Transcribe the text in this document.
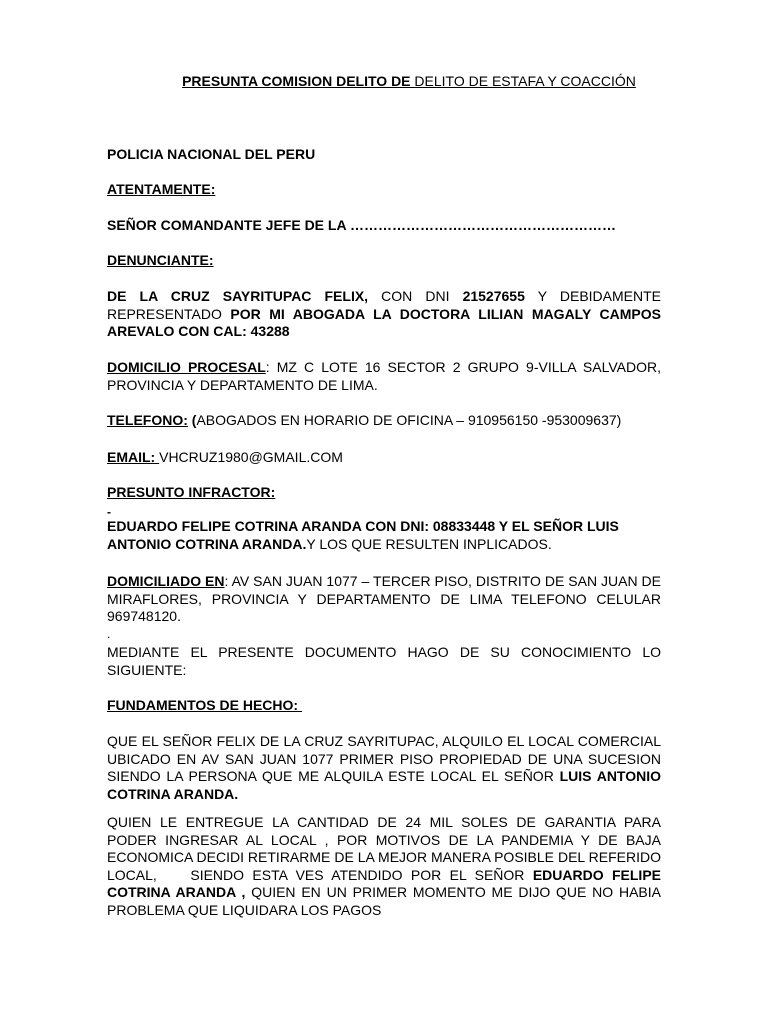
PRESUNTA COMISION DELITO DE DELITO DE ESTAFA Y COACCIÓN
POLICIA NACIONAL DEL PERU
ATENTAMENTE:
SEÑOR COMANDANTE JEFE DE LA …………………………………………………
DENUNCIANTE:
DE LA CRUZ SAYRITUPAC FELIX, CON DNI 21527655 Y DEBIDAMENTE REPRESENTADO POR MI ABOGADA LA DOCTORA LILIAN MAGALY CAMPOS AREVALO CON CAL: 43288
DOMICILIO PROCESAL: MZ C LOTE 16 SECTOR 2 GRUPO 9-VILLA SALVADOR, PROVINCIA Y DEPARTAMENTO DE LIMA.
TELEFONO: (ABOGADOS EN HORARIO DE OFICINA – 910956150 -953009637)
EMAIL: VHCRUZ1980@GMAIL.COM
PRESUNTO INFRACTOR:
-
EDUARDO FELIPE COTRINA ARANDA CON DNI: 08833448 Y EL SEÑOR LUIS ANTONIO COTRINA ARANDA.Y LOS QUE RESULTEN INPLICADOS.
DOMICILIADO EN: AV SAN JUAN 1077 – TERCER PISO, DISTRITO DE SAN JUAN DE MIRAFLORES, PROVINCIA Y DEPARTAMENTO DE LIMA TELEFONO CELULAR 969748120.
.
MEDIANTE EL PRESENTE DOCUMENTO HAGO DE SU CONOCIMIENTO LO SIGUIENTE:
FUNDAMENTOS DE HECHO:
QUE EL SEÑOR FELIX DE LA CRUZ SAYRITUPAC, ALQUILO EL LOCAL COMERCIAL UBICADO EN AV SAN JUAN 1077 PRIMER PISO PROPIEDAD DE UNA SUCESION SIENDO LA PERSONA QUE ME ALQUILA ESTE LOCAL EL SEÑOR LUIS ANTONIO COTRINA ARANDA.
QUIEN LE ENTREGUE LA CANTIDAD DE 24 MIL SOLES DE GARANTIA PARA PODER INGRESAR AL LOCAL , POR MOTIVOS DE LA PANDEMIA Y DE BAJA ECONOMICA DECIDI RETIRARME DE LA MEJOR MANERA POSIBLE DEL REFERIDO LOCAL,    SIENDO ESTA VES ATENDIDO POR EL SEÑOR EDUARDO FELIPE COTRINA ARANDA , QUIEN EN UN PRIMER MOMENTO ME DIJO QUE NO HABIA PROBLEMA QUE LIQUIDARA LOS PAGOS
